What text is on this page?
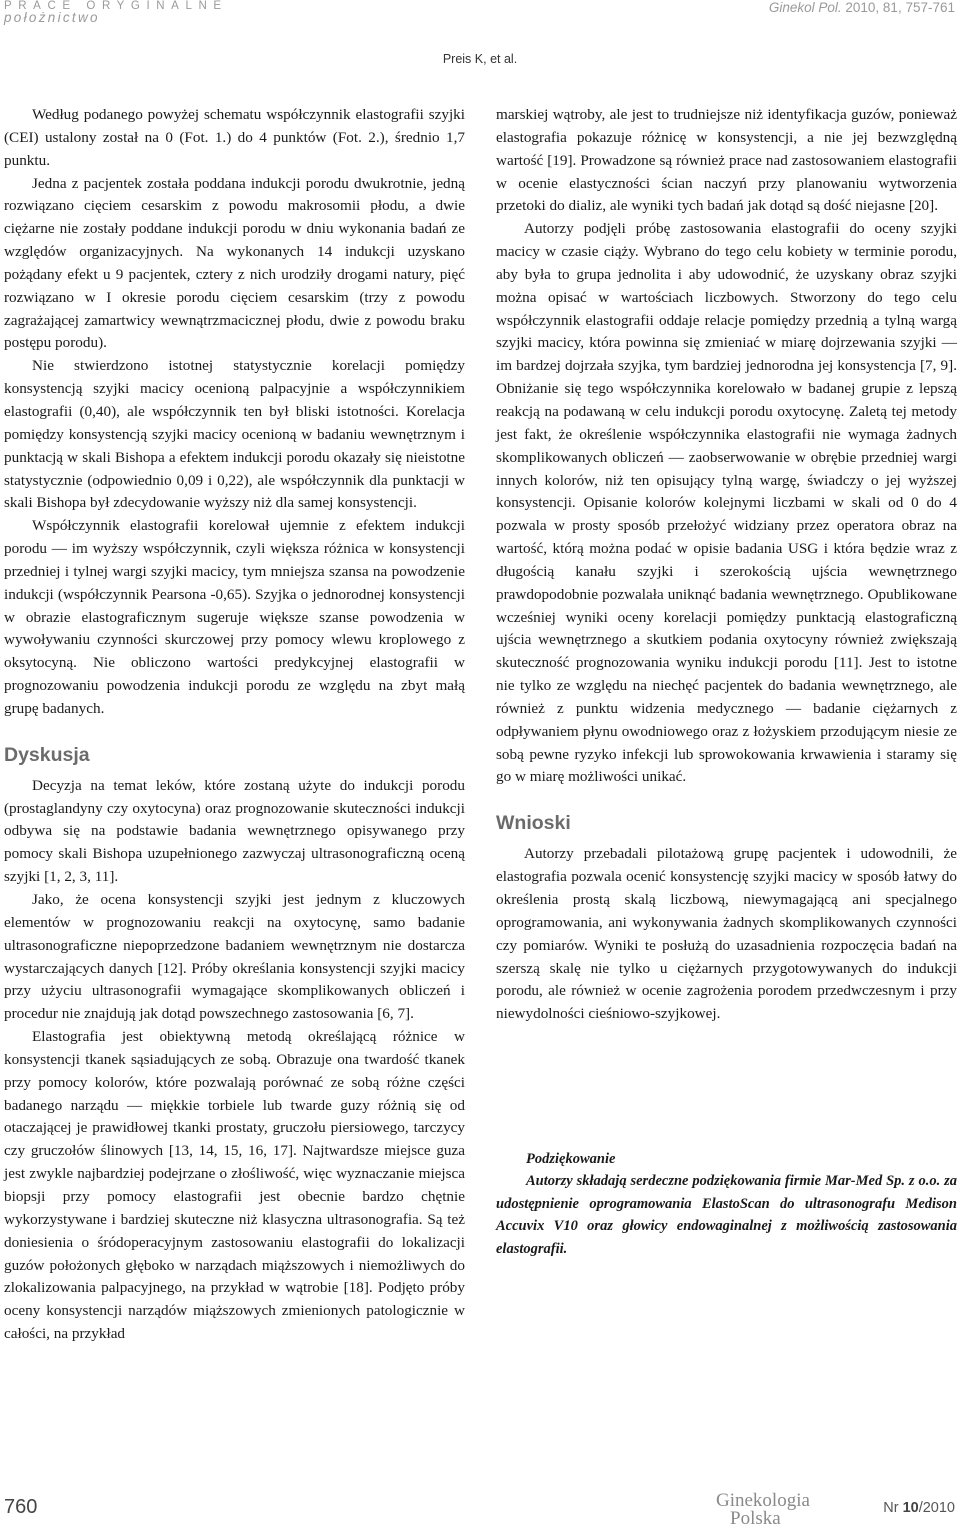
PRACE ORYGINALNE
położnictwo
Ginekol Pol. 2010, 81, 757-761
Preis K, et al.

Według podanego powyżej schematu współczynnik elastografii szyjki (CEI) ustalony został na 0 (Fot. 1.) do 4 punktów (Fot. 2.), średnio 1,7 punktu.

Jedna z pacjentek została poddana indukcji porodu dwukrotnie, jedną rozwiązano cięciem cesarskim z powodu makrosomii płodu, a dwie ciężarne nie zostały poddane indukcji porodu w dniu wykonania badań ze względów organizacyjnych. Na wykonanych 14 indukcji uzyskano pożądany efekt u 9 pacjentek, cztery z nich urodziły drogami natury, pięć rozwiązano w I okresie porodu cięciem cesarskim (trzy z powodu zagrażającej zamartwicy wewnątrzmacicznej płodu, dwie z powodu braku postępu porodu).

Nie stwierdzono istotnej statystycznie korelacji pomiędzy konsystencją szyjki macicy ocenioną palpacyjnie a współczynnikiem elastografii (0,40), ale współczynnik ten był bliski istotności. Korelacja pomiędzy konsystencją szyjki macicy ocenioną w badaniu wewnętrznym i punktacją w skali Bishopa a efektem indukcji porodu okazały się nieistotne statystycznie (odpowiednio 0,09 i 0,22), ale współczynnik dla punktacji w skali Bishopa był zdecydowanie wyższy niż dla samej konsystencji.

Współczynnik elastografii korelował ujemnie z efektem indukcji porodu — im wyższy współczynnik, czyli większa różnica w konsystencji przedniej i tylnej wargi szyjki macicy, tym mniejsza szansa na powodzenie indukcji (współczynnik Pearsona -0,65). Szyjka o jednorodnej konsystencji w obrazie elastograficznym sugeruje większe szanse powodzenia w wywoływaniu czynności skurczowej przy pomocy wlewu kroplowego z oksytocyną. Nie obliczono wartości predykcyjnej elastografii w prognozowaniu powodzenia indukcji porodu ze względu na zbyt małą grupę badanych.

Dyskusja

Decyzja na temat leków, które zostaną użyte do indukcji porodu (prostaglandyny czy oxytocyna) oraz prognozowanie skuteczności indukcji odbywa się na podstawie badania wewnętrznego opisywanego przy pomocy skali Bishopa uzupełnionego zazwyczaj ultrasonograficzną oceną szyjki [1, 2, 3, 11].

Jako, że ocena konsystencji szyjki jest jednym z kluczowych elementów w prognozowaniu reakcji na oxytocynę, samo badanie ultrasonograficzne niepoprzedzone badaniem wewnętrznym nie dostarcza wystarczających danych [12]. Próby określania konsystencji szyjki macicy przy użyciu ultrasonografii wymagające skomplikowanych obliczeń i procedur nie znajdują jak dotąd powszechnego zastosowania [6, 7].

Elastografia jest obiektywną metodą określającą różnice w konsystencji tkanek sąsiadujących ze sobą. Obrazuje ona twardość tkanek przy pomocy kolorów, które pozwalają porównać ze sobą różne części badanego narządu — miękkie torbiele lub twarde guzy różnią się od otaczającej je prawidłowej tkanki prostaty, gruczołu piersiowego, tarczycy czy gruczołów ślinowych [13, 14, 15, 16, 17]. Najtwardsze miejsce guza jest zwykle najbardziej podejrzane o złośliwość, więc wyznaczanie miejsca biopsji przy pomocy elastografii jest obecnie bardzo chętnie wykorzystywane i bardziej skuteczne niż klasyczna ultrasonografia. Są też doniesienia o śródoperacyjnym zastosowaniu elastografii do lokalizacji guzów położonych głęboko w narządach miąższowych i niemożliwych do zlokalizowania palpacyjnego, na przykład w wątrobie [18]. Podjęto próby oceny konsystencji narządów miąższowych zmienionych patologicznie w całości, na przykład

marskiej wątroby, ale jest to trudniejsze niż identyfikacja guzów, ponieważ elastografia pokazuje różnicę w konsystencji, a nie jej bezwzględną wartość [19]. Prowadzone są również prace nad zastosowaniem elastografii w ocenie elastyczności ścian naczyń przy planowaniu wytworzenia przetoki do dializ, ale wyniki tych badań jak dotąd są dość niejasne [20].

Autorzy podjęli próbę zastosowania elastografii do oceny szyjki macicy w czasie ciąży. Wybrano do tego celu kobiety w terminie porodu, aby była to grupa jednolita i aby udowodnić, że uzyskany obraz szyjki można opisać w wartościach liczbowych. Stworzony do tego celu współczynnik elastografii oddaje relacje pomiędzy przednią a tylną wargą szyjki macicy, która powinna się zmieniać w miarę dojrzewania szyjki — im bardzej dojrzała szyjka, tym bardziej jednorodna jej konsystencja [7, 9]. Obniżanie się tego współczynnika korelowało w badanej grupie z lepszą reakcją na podawaną w celu indukcji porodu oxytocynę. Zaletą tej metody jest fakt, że określenie współczynnika elastografii nie wymaga żadnych skomplikowanych obliczeń — zaobserwowanie w obrębie przedniej wargi innych kolorów, niż ten opisujący tylną wargę, świadczy o jej wyższej konsystencji. Opisanie kolorów kolejnymi liczbami w skali od 0 do 4 pozwala w prosty sposób przełożyć widziany przez operatora obraz na wartość, którą można podać w opisie badania USG i która będzie wraz z długością kanału szyjki i szerokością ujścia wewnętrznego prawdopodobnie pozwalała uniknąć badania wewnętrznego. Opublikowane wcześniej wyniki oceny korelacji pomiędzy punktacją elastograficzną ujścia wewnętrznego a skutkiem podania oxytocyny również zwiększają skuteczność prognozowania wyniku indukcji porodu [11]. Jest to istotne nie tylko ze względu na niechęć pacjentek do badania wewnętrznego, ale również z punktu widzenia medycznego — badanie ciężarnych z odpływaniem płynu owodniowego oraz z łożyskiem przodującym niesie ze sobą pewne ryzyko infekcji lub sprowokowania krwawienia i staramy się go w miarę możliwości unikać.

Wnioski

Autorzy przebadali pilotażową grupę pacjentek i udowodnili, że elastografia pozwala ocenić konsystencję szyjki macicy w sposób łatwy do określenia prostą skalą liczbową, niewymagającą ani specjalnego oprogramowania, ani wykonywania żadnych skomplikowanych czynności czy pomiarów. Wyniki te posłużą do uzasadnienia rozpoczęcia badań na szerszą skalę nie tylko u ciężarnych przygotowywanych do indukcji porodu, ale również w ocenie zagrożenia porodem przedwczesnym i przy niewydolności cieśniowo-szyjkowej.

Podziękowanie

Autorzy składają serdeczne podziękowania firmie Mar-Med Sp. z o.o. za udostępnienie oprogramowania ElastoScan do ultrasonografu Medison Accuvix V10 oraz głowicy endowaginalnej z możliwością zastosowania elastografii.

760	Ginekologia
Polska	Nr 10/2010
